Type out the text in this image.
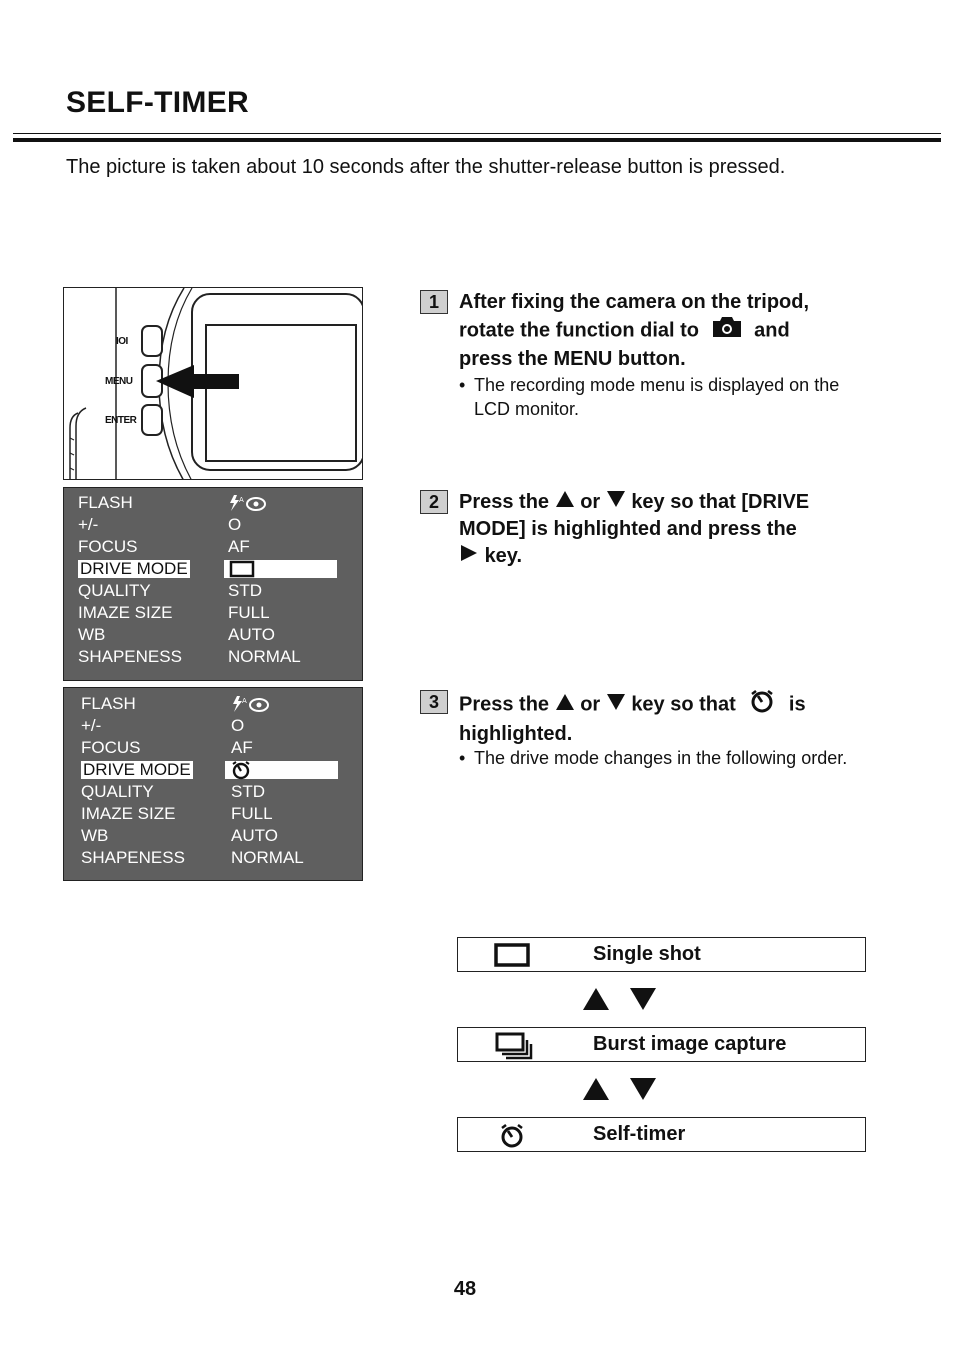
SELF-TIMER
The picture is taken about 10 seconds after the shutter-release button is pressed.
IOI
MENU
ENTER
FLASH	A
+/-	O
FOCUS	AF
DRIVE MODE
QUALITY	STD
IMAZE SIZE	FULL
WB	AUTO
SHAPENESS	NORMAL
FLASH	A
+/-	O
FOCUS	AF
DRIVE MODE
QUALITY	STD
IMAZE SIZE	FULL
WB	AUTO
SHAPENESS	NORMAL
1	After fixing the camera on the tripod,
rotate the function dial to	and
press the MENU button.
• The recording mode menu is displayed on the LCD monitor.
2	Press the or key so that [DRIVE
MODE] is highlighted and press the
key.
3	Press the or key so that	is
highlighted.
• The drive mode changes in the following order.
Single shot
Burst image capture
Self-timer
48
